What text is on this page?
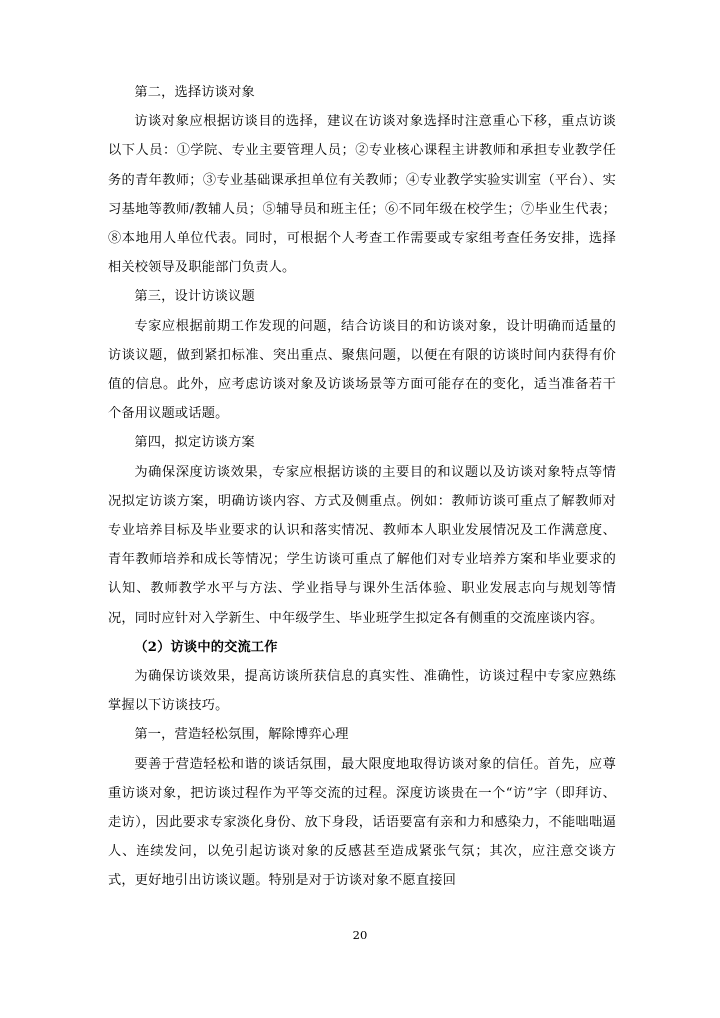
第二，选择访谈对象

访谈对象应根据访谈目的选择，建议在访谈对象选择时注意重心下移，重点访谈以下人员：①学院、专业主要管理人员；②专业核心课程主讲教师和承担专业教学任务的青年教师；③专业基础课承担单位有关教师；④专业教学实验实训室（平台）、实习基地等教师/教辅人员；⑤辅导员和班主任；⑥不同年级在校学生；⑦毕业生代表；⑧本地用人单位代表。同时，可根据个人考查工作需要或专家组考查任务安排，选择相关校领导及职能部门负责人。

第三，设计访谈议题

专家应根据前期工作发现的问题，结合访谈目的和访谈对象，设计明确而适量的访谈议题，做到紧扣标准、突出重点、聚焦问题，以便在有限的访谈时间内获得有价值的信息。此外，应考虑访谈对象及访谈场景等方面可能存在的变化，适当准备若干个备用议题或话题。

第四，拟定访谈方案

为确保深度访谈效果，专家应根据访谈的主要目的和议题以及访谈对象特点等情况拟定访谈方案，明确访谈内容、方式及侧重点。例如：教师访谈可重点了解教师对专业培养目标及毕业要求的认识和落实情况、教师本人职业发展情况及工作满意度、青年教师培养和成长等情况；学生访谈可重点了解他们对专业培养方案和毕业要求的认知、教师教学水平与方法、学业指导与课外生活体验、职业发展志向与规划等情况，同时应针对入学新生、中年级学生、毕业班学生拟定各有侧重的交流座谈内容。

（2）访谈中的交流工作

为确保访谈效果，提高访谈所获信息的真实性、准确性，访谈过程中专家应熟练掌握以下访谈技巧。

第一，营造轻松氛围，解除博弈心理

要善于营造轻松和谐的谈话氛围，最大限度地取得访谈对象的信任。首先，应尊重访谈对象，把访谈过程作为平等交流的过程。深度访谈贵在一个“访”字（即拜访、走访），因此要求专家淡化身份、放下身段，话语要富有亲和力和感染力，不能咄咄逼人、连续发问，以免引起访谈对象的反感甚至造成紧张气氛；其次，应注意交谈方式，更好地引出访谈议题。特别是对于访谈对象不愿直接回

20
